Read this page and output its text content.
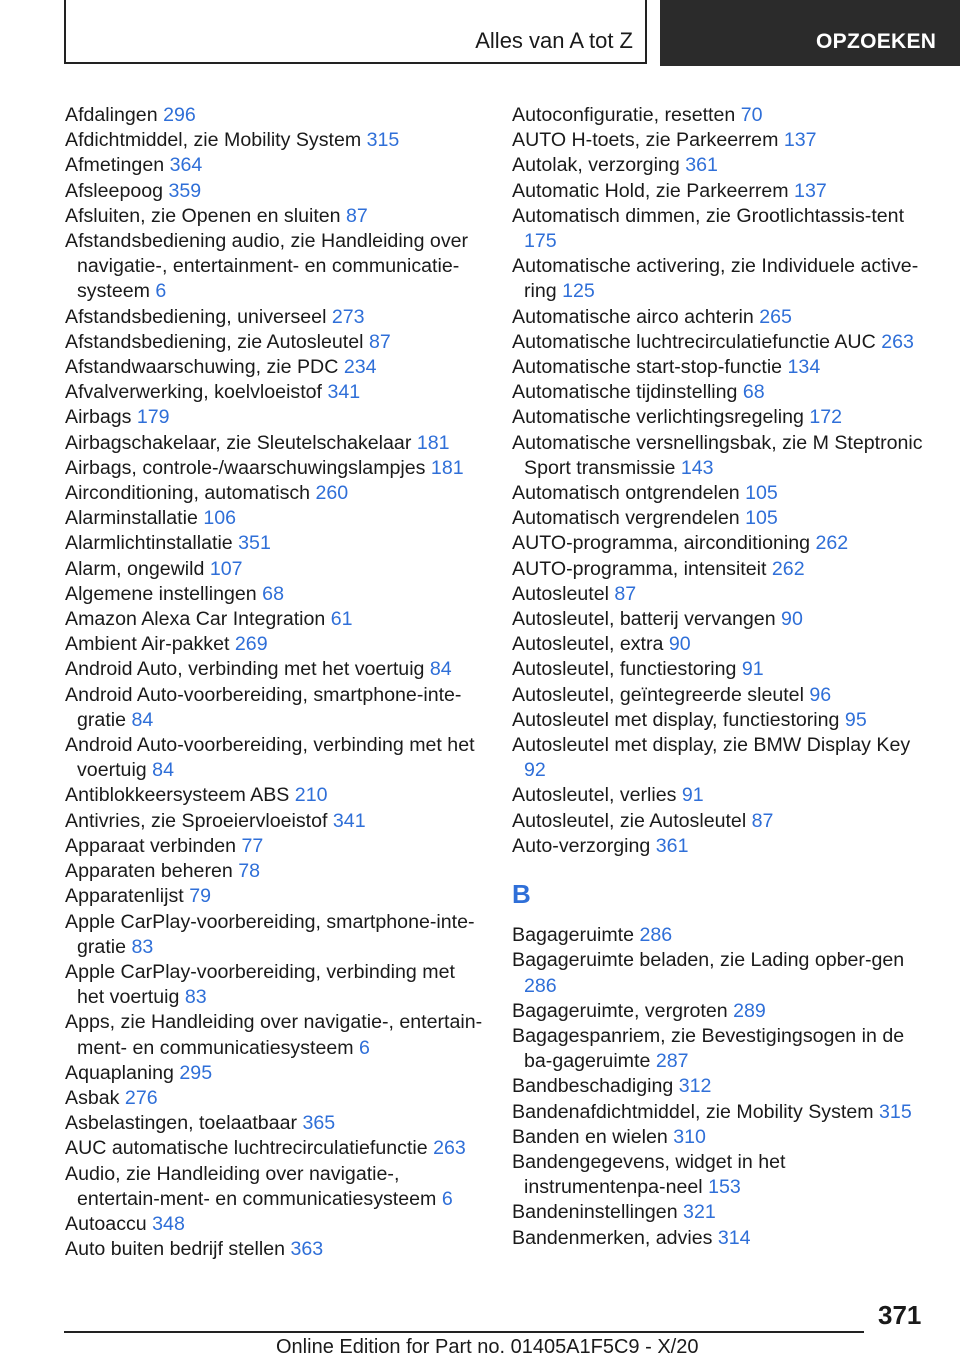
Alles van A tot Z	OPZOEKEN
Afdalingen 296
Afdichtmiddel, zie Mobility System 315
Afmetingen 364
Afsleepoog 359
Afsluiten, zie Openen en sluiten 87
Afstandsbediening audio, zie Handleiding over navigatie-, entertainment- en communicatie-systeem 6
Afstandsbediening, universeel 273
Afstandsbediening, zie Autosleutel 87
Afstandwaarschuwing, zie PDC 234
Afvalverwerking, koelvloeistof 341
Airbags 179
Airbagschakelaar, zie Sleutelschakelaar 181
Airbags, controle-/waarschuwingslampjes 181
Airconditioning, automatisch 260
Alarminstallatie 106
Alarmlichtinstallatie 351
Alarm, ongewild 107
Algemene instellingen 68
Amazon Alexa Car Integration 61
Ambient Air-pakket 269
Android Auto, verbinding met het voertuig 84
Android Auto-voorbereiding, smartphone-inte-gratie 84
Android Auto-voorbereiding, verbinding met het voertuig 84
Antiblokkeersysteem ABS 210
Antivries, zie Sproeiervloeistof 341
Apparaat verbinden 77
Apparaten beheren 78
Apparatenlijst 79
Apple CarPlay-voorbereiding, smartphone-inte-gratie 83
Apple CarPlay-voorbereiding, verbinding met het voertuig 83
Apps, zie Handleiding over navigatie-, entertain-ment- en communicatiesysteem 6
Aquaplaning 295
Asbak 276
Asbelastingen, toelaatbaar 365
AUC automatische luchtrecirculatiefunctie 263
Audio, zie Handleiding over navigatie-, entertain-ment- en communicatiesysteem 6
Autoaccu 348
Auto buiten bedrijf stellen 363
Autoconfiguratie, resetten 70
AUTO H-toets, zie Parkeerrem 137
Autolak, verzorging 361
Automatic Hold, zie Parkeerrem 137
Automatisch dimmen, zie Grootlichtassis-tent 175
Automatische activering, zie Individuele active-ring 125
Automatische airco achterin 265
Automatische luchtrecirculatiefunctie AUC 263
Automatische start-stop-functie 134
Automatische tijdinstelling 68
Automatische verlichtingsregeling 172
Automatische versnellingsbak, zie M Steptronic Sport transmissie 143
Automatisch ontgrendelen 105
Automatisch vergrendelen 105
AUTO-programma, airconditioning 262
AUTO-programma, intensiteit 262
Autosleutel 87
Autosleutel, batterij vervangen 90
Autosleutel, extra 90
Autosleutel, functiestoring 91
Autosleutel, geïntegreerde sleutel 96
Autosleutel met display, functiestoring 95
Autosleutel met display, zie BMW Display Key 92
Autosleutel, verlies 91
Autosleutel, zie Autosleutel 87
Auto-verzorging 361
B
Bagageruimte 286
Bagageruimte beladen, zie Lading opber-gen 286
Bagageruimte, vergroten 289
Bagagespanriem, zie Bevestigingsogen in de ba-gageruimte 287
Bandbeschadiging 312
Bandenafdichtmiddel, zie Mobility System 315
Banden en wielen 310
Bandengegevens, widget in het instrumentenpa-neel 153
Bandeninstellingen 321
Bandenmerken, advies 314
371
Online Edition for Part no. 01405A1F5C9 - X/20
